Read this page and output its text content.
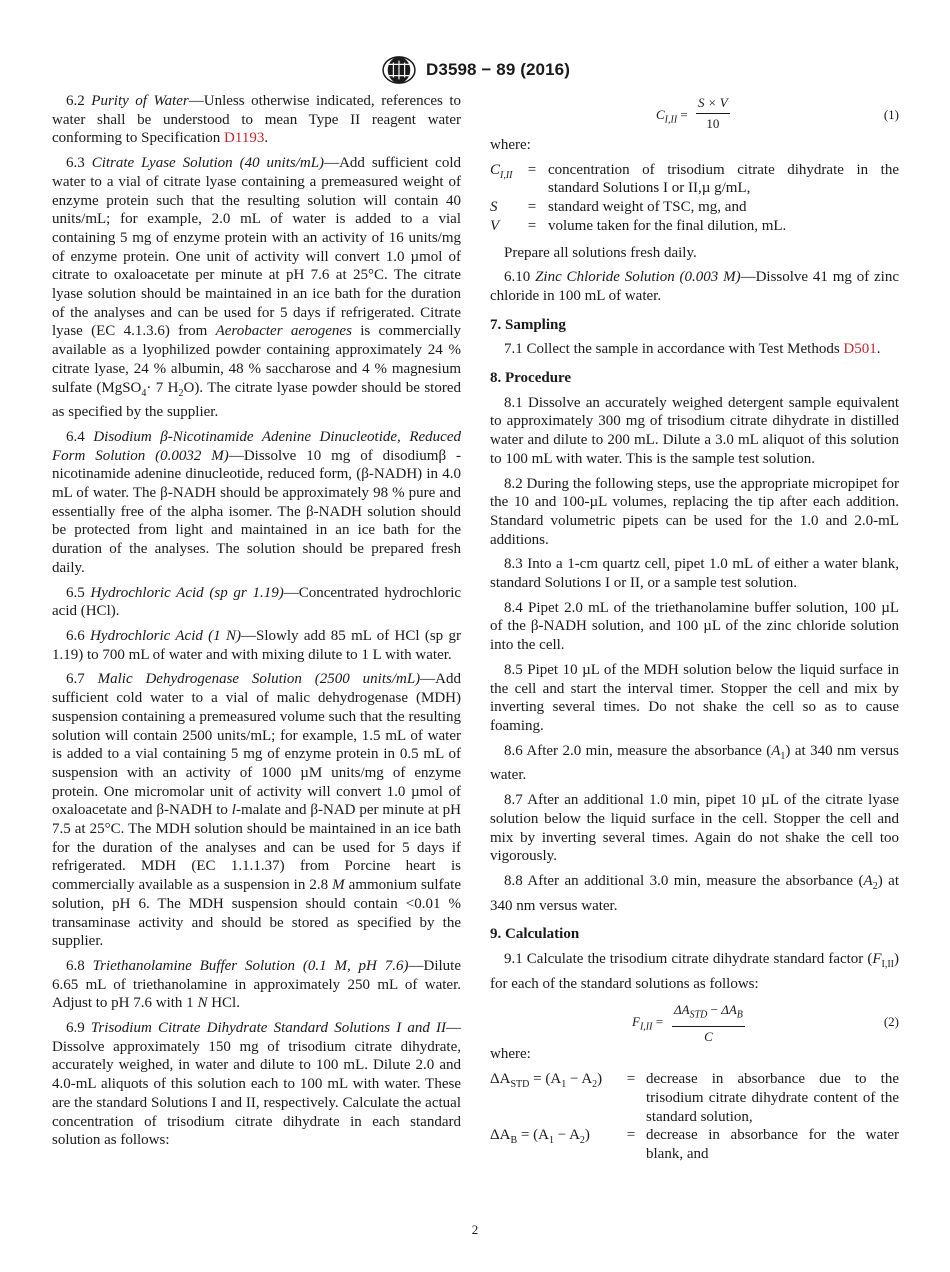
D3598 − 89 (2016)

6.2 Purity of Water—Unless otherwise indicated, references to water shall be understood to mean Type II reagent water conforming to Specification D1193.

6.3 Citrate Lyase Solution (40 units/mL)—Add sufficient cold water to a vial of citrate lyase containing a premeasured weight of enzyme protein such that the resulting solution will contain 40 units/mL; for example, 2.0 mL of water is added to a vial containing 5 mg of enzyme protein with an activity of 16 units/mg of enzyme protein. One unit of activity will convert 1.0 µmol of citrate to oxaloacetate per minute at pH 7.6 at 25°C. The citrate lyase solution should be maintained in an ice bath for the duration of the analyses and can be used for 5 days if refrigerated. Citrate lyase (EC 4.1.3.6) from Aerobacter aerogenes is commercially available as a lyophilized powder containing approximately 24 % citrate lyase, 24 % albumin, 48 % saccharose and 4 % magnesium sulfate (MgSO$_4$· 7 $H_2O$). The citrate lyase powder should be stored as specified by the supplier.

6.4 Disodium β-Nicotinamide Adenine Dinucleotide, Reduced Form Solution (0.0032 M)—Dissolve 10 mg of disodiumβ -nicotinamide adenine dinucleotide, reduced form, (β-NADH) in 4.0 mL of water. The β-NADH should be approximately 98 % pure and essentially free of the alpha isomer. The β-NADH solution should be protected from light and maintained in an ice bath for the duration of the analyses. The solution should be prepared fresh daily.

6.5 Hydrochloric Acid (sp gr 1.19)—Concentrated hydrochloric acid (HCl).

6.6 Hydrochloric Acid (1 N)—Slowly add 85 mL of HCl (sp gr 1.19) to 700 mL of water and with mixing dilute to 1 L with water.

6.7 Malic Dehydrogenase Solution (2500 units/mL)—Add sufficient cold water to a vial of malic dehydrogenase (MDH) suspension containing a premeasured volume such that the resulting solution will contain 2500 units/mL; for example, 1.5 mL of water is added to a vial containing 5 mg of enzyme protein in 0.5 mL of suspension with an activity of 1000 µM units/mg of enzyme protein. One micromolar unit of activity will convert 1.0 µmol of oxaloacetate and β-NADH to l-malate and β-NAD per minute at pH 7.5 at 25°C. The MDH solution should be maintained in an ice bath for the duration of the analyses and can be used for 5 days if refrigerated. MDH (EC 1.1.1.37) from Porcine heart is commercially available as a suspension in 2.8 M ammonium sulfate solution, pH 6. The MDH suspension should contain <0.01 % transaminase activity and should be stored as specified by the supplier.

6.8 Triethanolamine Buffer Solution (0.1 M, pH 7.6)—Dilute 6.65 mL of triethanolamine in approximately 250 mL of water. Adjust to pH 7.6 with 1 N HCl.

6.9 Trisodium Citrate Dihydrate Standard Solutions I and II—Dissolve approximately 150 mg of trisodium citrate dihydrate, accurately weighed, in water and dilute to 100 mL. Dilute 2.0 and 4.0-mL aliquots of this solution each to 100 mL with water. These are the standard Solutions I and II, respectively. Calculate the actual concentration of trisodium citrate dihydrate in each standard solution as follows:

$C_{I,II} = \frac{S \times V}{10}$	(1)

where:

$C_{I,II}$	= concentration of trisodium citrate dihydrate in the standard Solutions I or II,µ g/mL,
S	= standard weight of TSC, mg, and
V	= volume taken for the final dilution, mL.

Prepare all solutions fresh daily.

6.10 Zinc Chloride Solution (0.003 M)—Dissolve 41 mg of zinc chloride in 100 mL of water.

7. Sampling

7.1 Collect the sample in accordance with Test Methods D501.

8. Procedure

8.1 Dissolve an accurately weighed detergent sample equivalent to approximately 300 mg of trisodium citrate dihydrate in distilled water and dilute to 200 mL. Dilute a 3.0 mL aliquot of this solution to 100 mL with water. This is the sample test solution.

8.2 During the following steps, use the appropriate micropipet for the 10 and 100-µL volumes, replacing the tip after each addition. Standard volumetric pipets can be used for the 1.0 and 2.0-mL additions.

8.3 Into a 1-cm quartz cell, pipet 1.0 mL of either a water blank, standard Solutions I or II, or a sample test solution.

8.4 Pipet 2.0 mL of the triethanolamine buffer solution, 100 µL of the β-NADH solution, and 100 µL of the zinc chloride solution into the cell.

8.5 Pipet 10 µL of the MDH solution below the liquid surface in the cell and start the interval timer. Stopper the cell and mix by inverting several times. Do not shake the cell so as to cause foaming.

8.6 After 2.0 min, measure the absorbance $(A_1)$ at 340 nm versus water.

8.7 After an additional 1.0 min, pipet 10 µL of the citrate lyase solution below the liquid surface in the cell. Stopper the cell and mix by inverting several times. Again do not shake the cell too vigorously.

8.8 After an additional 3.0 min, measure the absorbance $(A_2)$ at 340 nm versus water.

9. Calculation

9.1 Calculate the trisodium citrate dihydrate standard factor $(F_{I,II})$ for each of the standard solutions as follows:

$F_{I,II}$ =
$\Delta A_{STD} - \Delta A_B$
C
(2)

where:

$\Delta A_{STD} = (A_1 - A_2)$	= decrease in absorbance due to the trisodium citrate dihydrate content of the standard solution,
$\Delta A_B = (A_1 - A_2)$	= decrease in absorbance for the water blank, and
2
